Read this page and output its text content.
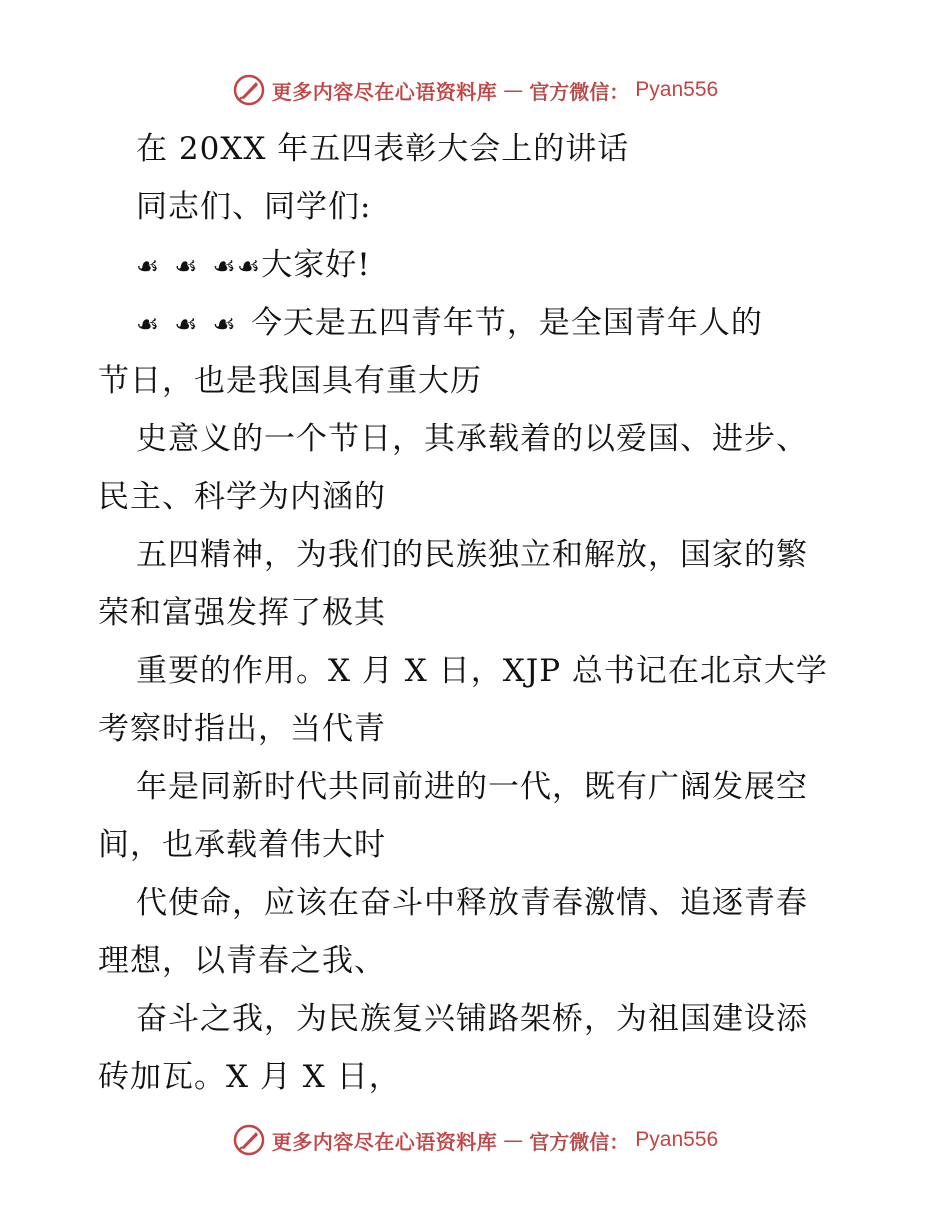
更多内容尽在心语资料库 — 官方微信： Pyan556
在 20XX 年五四表彰大会上的讲话
同志们、同学们:
☙ ☙ ☙☙大家好!
☙ ☙ ☙ 今天是五四青年节，是全国青年人的
节日，也是我国具有重大历
史意义的一个节日，其承载着的以爱国、进步、
民主、科学为内涵的
五四精神，为我们的民族独立和解放，国家的繁
荣和富强发挥了极其
重要的作用。X 月 X 日，XJP 总书记在北京大学
考察时指出，当代青
年是同新时代共同前进的一代，既有广阔发展空
间，也承载着伟大时
代使命，应该在奋斗中释放青春激情、追逐青春
理想，以青春之我、
奋斗之我，为民族复兴铺路架桥，为祖国建设添
砖加瓦。X 月 X 日，
更多内容尽在心语资料库 — 官方微信： Pyan556
